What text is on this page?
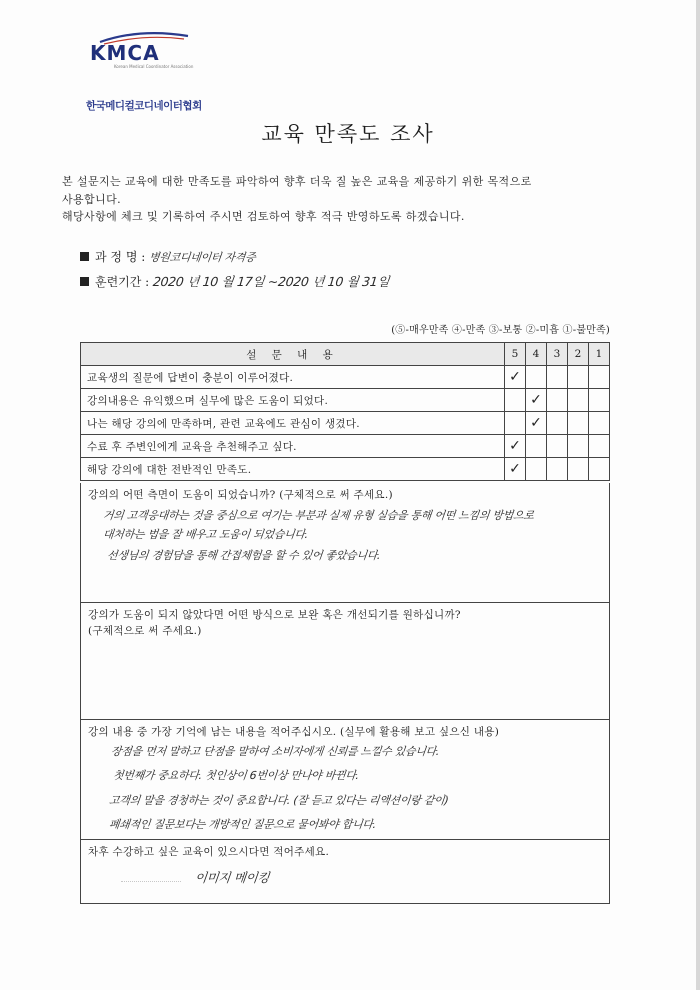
KMCA
Korean Medical Coordinator Association
한국메디컬코디네이터협회
교육 만족도 조사
본 설문지는 교육에 대한 만족도를 파악하여 향후 더욱 질 높은 교육을 제공하기 위한 목적으로
사용합니다.
해당사항에 체크 및 기록하여 주시면 검토하여 향후 적극 반영하도록 하겠습니다.
과 정 명 : 병원코디네이터 자격증
훈련기간 : 2020 년 10 월 17일 ~2020 년 10 월 31일
(⑤-매우만족 ④-만족 ③-보통 ②-미흡 ①-불만족)
설 문 내 용	5	4	3	2	1
교육생의 질문에 답변이 충분이 이루어졌다.	✓				
강의내용은 유익했으며 실무에 많은 도움이 되었다.		✓			
나는 해당 강의에 만족하며, 관련 교육에도 관심이 생겼다.		✓			
수료 후 주변인에게 교육을 추천해주고 싶다.	✓				
해당 강의에 대한 전반적인 만족도.	✓				
강의의 어떤 측면이 도움이 되었습니까? (구체적으로 써 주세요.)
거의 고객응대하는 것을 중심으로 여기는 부분과 실제 유형 실습을 통해 어떤 느낌의 방법으로
대처하는 법을 잘 배우고 도움이 되었습니다.
선생님의 경험담을 통해 간접체험을 할 수 있어 좋았습니다.
강의가 도움이 되지 않았다면 어떤 방식으로 보완 혹은 개선되기를 원하십니까?
(구체적으로 써 주세요.)
강의 내용 중 가장 기억에 남는 내용을 적어주십시오. (실무에 활용해 보고 싶으신 내용)
장점을 먼저 말하고 단점을 말하여 소비자에게 신뢰를 느낄수 있습니다.
첫번째가 중요하다. 첫인상이 6번이상 만나야 바뀐다.
고객의 말을 경청하는 것이 중요합니다. (잘 듣고 있다는 리액션이랑 같이)
폐쇄적인 질문보다는 개방적인 질문으로 물어봐야 합니다.
차후 수강하고 싶은 교육이 있으시다면 적어주세요.
이미지 메이킹
